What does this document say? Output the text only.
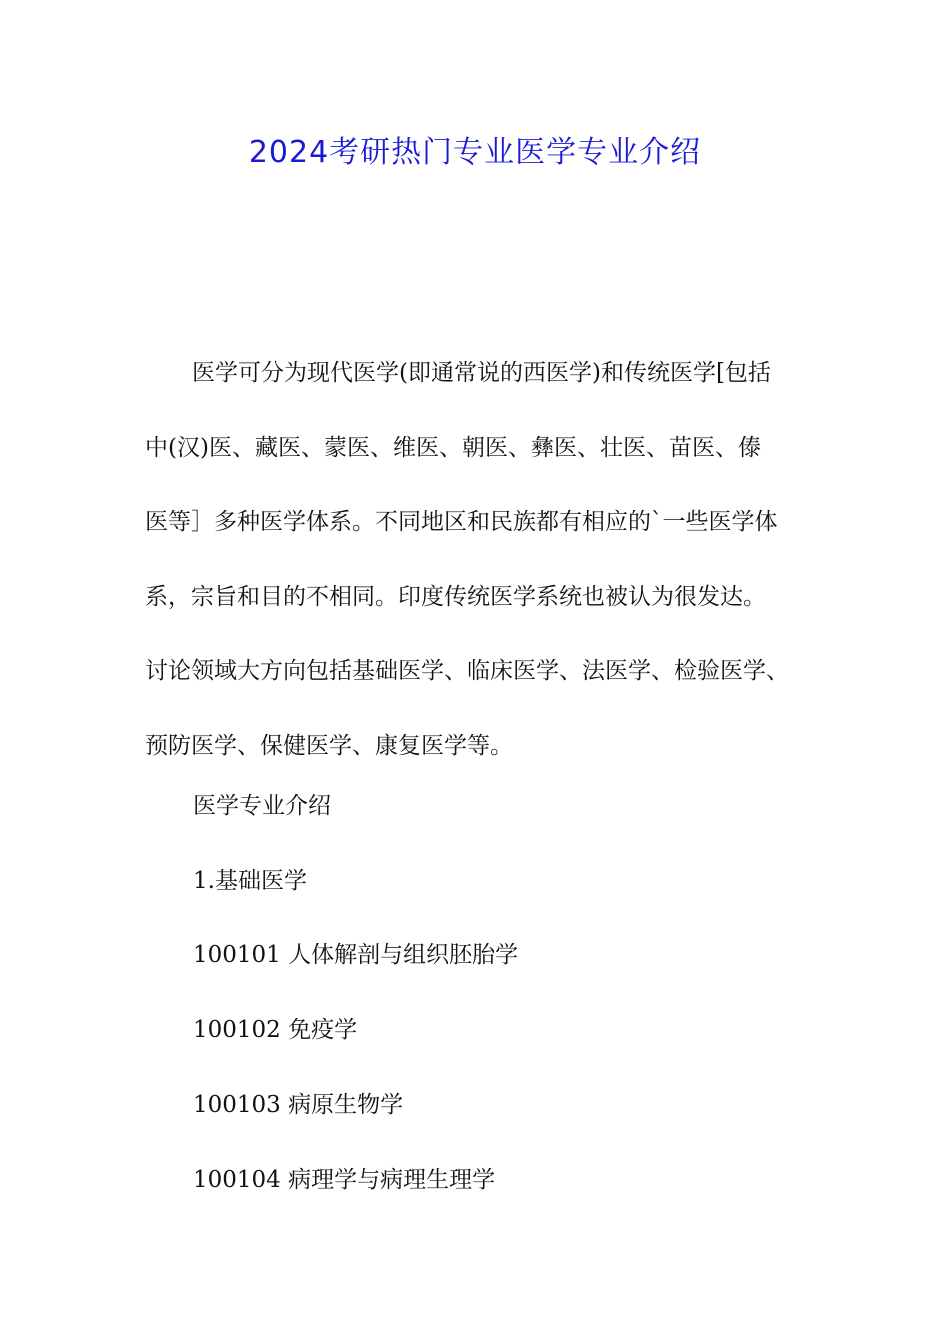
2024考研热门专业医学专业介绍
医学可分为现代医学(即通常说的西医学)和传统医学[包括
中(汉)医、藏医、蒙医、维医、朝医、彝医、壮医、苗医、傣
医等］多种医学体系。不同地区和民族都有相应的`一些医学体
系，宗旨和目的不相同。印度传统医学系统也被认为很发达。
讨论领域大方向包括基础医学、临床医学、法医学、检验医学、
预防医学、保健医学、康复医学等。
医学专业介绍
1.基础医学
100101 人体解剖与组织胚胎学
100102 免疫学
100103 病原生物学
100104 病理学与病理生理学
